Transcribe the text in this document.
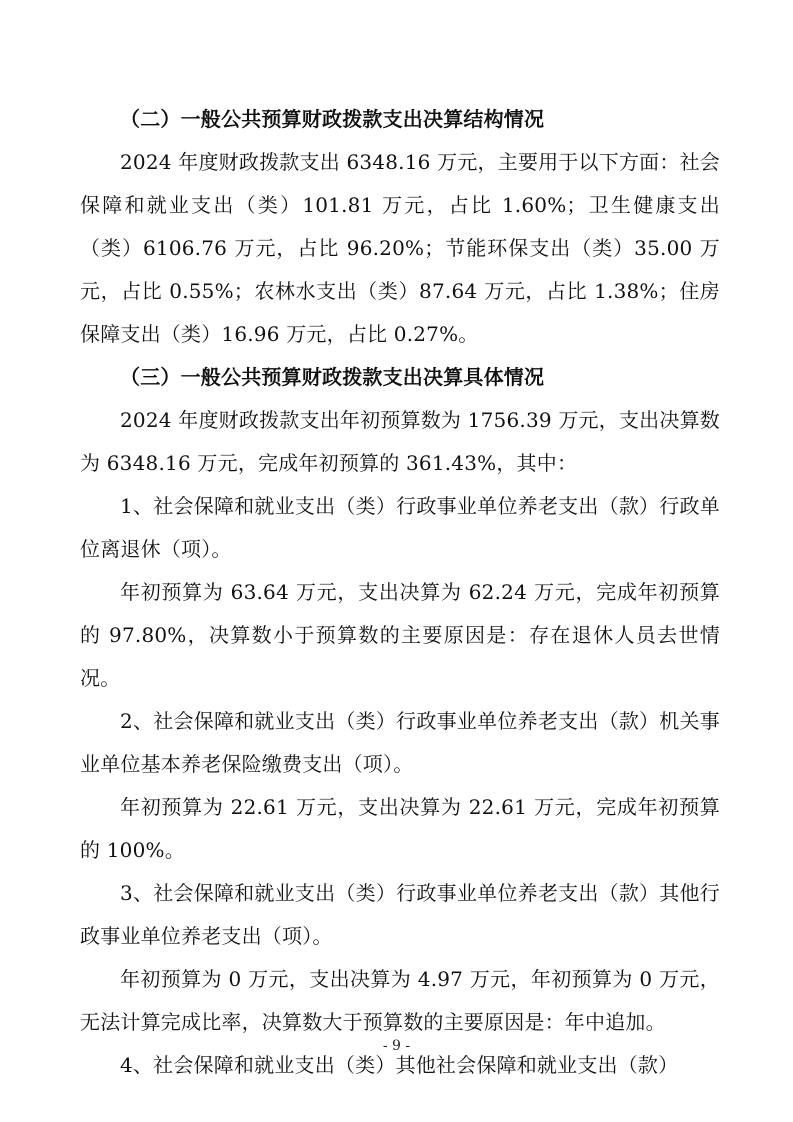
（二）一般公共预算财政拨款支出决算结构情况

2024 年度财政拨款支出 6348.16 万元，主要用于以下方面：社会保障和就业支出（类）101.81 万元，占比 1.60%；卫生健康支出（类）6106.76 万元，占比 96.20%；节能环保支出（类）35.00 万元，占比 0.55%；农林水支出（类）87.64 万元，占比 1.38%；住房保障支出（类）16.96 万元，占比 0.27%。

（三）一般公共预算财政拨款支出决算具体情况

2024 年度财政拨款支出年初预算数为 1756.39 万元，支出决算数为 6348.16 万元，完成年初预算的 361.43%，其中：

1、社会保障和就业支出（类）行政事业单位养老支出（款）行政单位离退休（项）。

年初预算为 63.64 万元，支出决算为 62.24 万元，完成年初预算的 97.80%，决算数小于预算数的主要原因是：存在退休人员去世情况。

2、社会保障和就业支出（类）行政事业单位养老支出（款）机关事业单位基本养老保险缴费支出（项）。

年初预算为 22.61 万元，支出决算为 22.61 万元，完成年初预算的 100%。

3、社会保障和就业支出（类）行政事业单位养老支出（款）其他行政事业单位养老支出（项）。

年初预算为 0 万元，支出决算为 4.97 万元，年初预算为 0 万元，无法计算完成比率，决算数大于预算数的主要原因是：年中追加。

4、社会保障和就业支出（类）其他社会保障和就业支出（款）

- 9 -
